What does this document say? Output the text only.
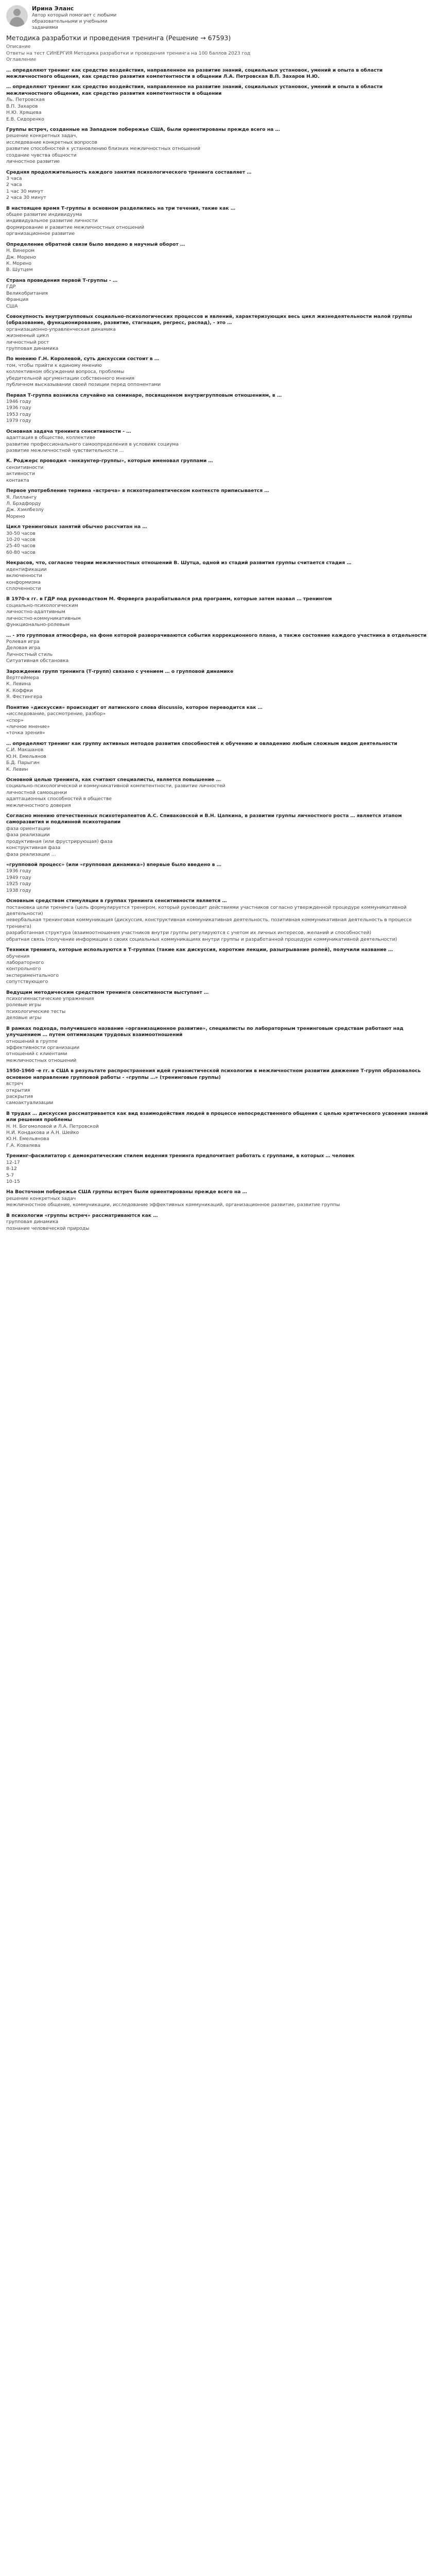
Ирина Эланс
Автор который помогает с любыми образовательными и учебными заданиями
Методика разработки и проведения тренинга (Решение → 67593)
Описание
Ответы на тест СИНЕРГИЯ Методика разработки и проведения тренинга на 100 баллов 2023 год
Оглавление
… определяют тренинг как средство воздействия, направленное на развитие знаний, социальных установок, умений и опыта в области межличностного общения, как средство развития компетентности в общении Л.А. Петровская В.П. Захаров Н.Ю.
… определяют тренинг как средство воздействия, направленное на развитие знаний, социальных установок, умений и опыта в области межличностного общения, как средство развития компетентности в общении
Ль. Петровская
В.П. Захаров
Н.Ю. Хрящева
Е.В. Сидоренко
Группы встреч, созданные на Западном побережье США, были ориентированы прежде всего на …
решение конкретных задач,
исследование конкретных вопросов
развитие способностей к установлению близких межличностных отношений
создание чувства общности
личностное развитие
Средняя продолжительность каждого занятия психологического тренинга составляет …
3 часа
2 часа
1 час 30 минут
2 часа 30 минут
В настоящее время Т-группы в основном разделились на три течения, такие как …
общее развитие индивидуума
индивидуальное развитие личности
формирование и развитие межличностных отношений
организационное развитие
Определение обратной связи было введено в научный оборот …
Н. Винером
Дж. Морено
К. Морено
В. Шутцем
Страна проведения первой Т-группы - …
ГДР
Великобритания
Франция
США
Совокупность внутригрупповых социально-психологических процессов и явлений, характеризующих весь цикл жизнедеятельности малой группы (образование, функционирование, развитие, стагнация, регресс, распад), - это …
организационно-управленческая динамика
жизненный цикл
личностный рост
групповая динамика
По мнению Г.Н. Королевой, суть дискуссии состоит в …
том, чтобы прийти к единому мнению
коллективном обсуждении вопроса, проблемы
убедительной аргументации собственного мнения
публичном высказывании своей позиции перед оппонентами
Первая Т-группа возникла случайно на семинаре, посвященном внутригрупповым отношениям, в …
1946 году
1936 году
1953 году
1979 году
Основная задача тренинга сенситивности - …
адаптация в обществе, коллективе
развитие профессионального самоопределения в условиях социума
развитие межличностной чувствительности …
К. Роджерс проводил «энкаунтер-группы», которые именовал группами …
сензитивности
активности
контакта
Первое употребление термина «встреча» в психотерапевтическом контексте приписывается …
Я. Лиллингу
Л. Брэдфорду
Дж. Хэмлбезлу
Морено
Цикл тренинговых занятий обычно рассчитан на …
30-50 часов
10-20 часов
25-40 часов
60-80 часов
Некрасов, что, согласно теории межличностных отношений В. Шутца, одной из стадий развития группы считается стадия …
идентификации
включенности
конформизма
сплоченности
В 1970-х гг. в ГДР под руководством М. Форверга разрабатывался ряд программ, которые затем назвал … тренингом
социально-психологическим
личностно-адаптивным
личностно-коммуникативным
функционально-ролевым
… - это групповая атмосфера, на фоне которой разворачиваются события коррекционного плана, а также состояние каждого участника в отдельности
Ролевая игра
Деловая игра
Личностный стиль
Ситуативная обстановка
Зарождение групп тренинга (Т-групп) связано с учением … о групповой динамике
Вертгеймера
К. Левина
К. Коффки
Я. Фестингера
Понятие «дискуссия» происходит от латинского слова discussio, которое переводится как …
«исследование, рассмотрение, разбор»
«спор»
«личное мнение»
«точка зрения»
… определяют тренинг как группу активных методов развития способностей к обучению и овладению любым сложным видом деятельности
С.И. Макшанов
Ю.Н. Емельянов
Б.Д. Парыгин
К. Левин
Основной целью тренинга, как считают специалисты, является повышение …
социально-психологической и коммуникативной компетентности, развитие личностей
личностной самооценки
адаптационных способностей в обществе
межличностного доверия
Согласно мнению отечественных психотерапевтов А.С. Спиваковской и В.Н. Цапкина, в развитии группы личностного роста … является этапом саморазвития и подлинной психотерапии
фаза ориентации
фаза реализации
продуктивная (или фрустрирующая) фаза
конструктивная фаза
фаза реализации …
«групповой процесс» (или «групповая динамика») впервые было введено в …
1936 году
1949 году
1925 году
1938 году
Основным средством стимуляции в группах тренинга сенситивности является …
постановка цели тренинга (цель формулируется тренером, который руководит действиями участников согласно утвержденной процедуре коммуникативной деятельности)
невербальная тренинговая коммуникация (дискуссия, конструктивная коммуникативная деятельность, позитивная коммуникативная деятельность в процессе тренинга)
разработанная структура (взаимоотношения участников внутри группы регулируются с учетом их личных интересов, желаний и способностей)
обратная связь (получение информации о своих социальных коммуникациях внутри группы и разработанной процедуре коммуникативной деятельности)
Техники тренинга, которые используются в Т-группах (такие как дискуссия, короткие лекции, разыгрывание ролей), получили название …
обучения
лабораторного
контрольного
экспериментального
сопутствующего
Ведущим методическим средством тренинга сенситивности выступает …
психогимнастические упражнения
ролевые игры
психологические тесты
деловые игры
В рамках подхода, получившего название «организационное развитие», специалисты по лабораторным тренинговым средствам работают над улучшением … путем оптимизации трудовых взаимоотношений
отношений в группе
эффективности организации
отношений с клиентами
межличностных отношений
1950-1960 -е гг. в США в результате распространения идей гуманистической психологии в межличностном развитии движение Т-групп образовалось основное направление групповой работы - «группы …» (тренинговые группы)
встреч
открытия
раскрытия
самоактуализации
В трудах … дискуссия рассматривается как вид взаимодействия людей в процессе непосредственного общения с целью критического усвоения знаний или решения проблемы
Н. Н. Богомоловой и Л.А. Петровской
Н.И. Кондакова и А.Н. Шейко
Ю.Н. Емельянова
Г.А. Ковалева
Тренинг-фасилитатор с демократическим стилем ведения тренинга предпочитает работать с группами, в которых … человек
12-17
8-12
5-7
10-15
На Восточном побережье США группы встреч были ориентированы прежде всего на …
решение конкретных задач
межличностное общение, коммуникации, исследование эффективных коммуникаций, организационное развитие, развитие группы
В психологии «группы встреч» рассматриваются как …
групповая динамика
познание человеческой природы
